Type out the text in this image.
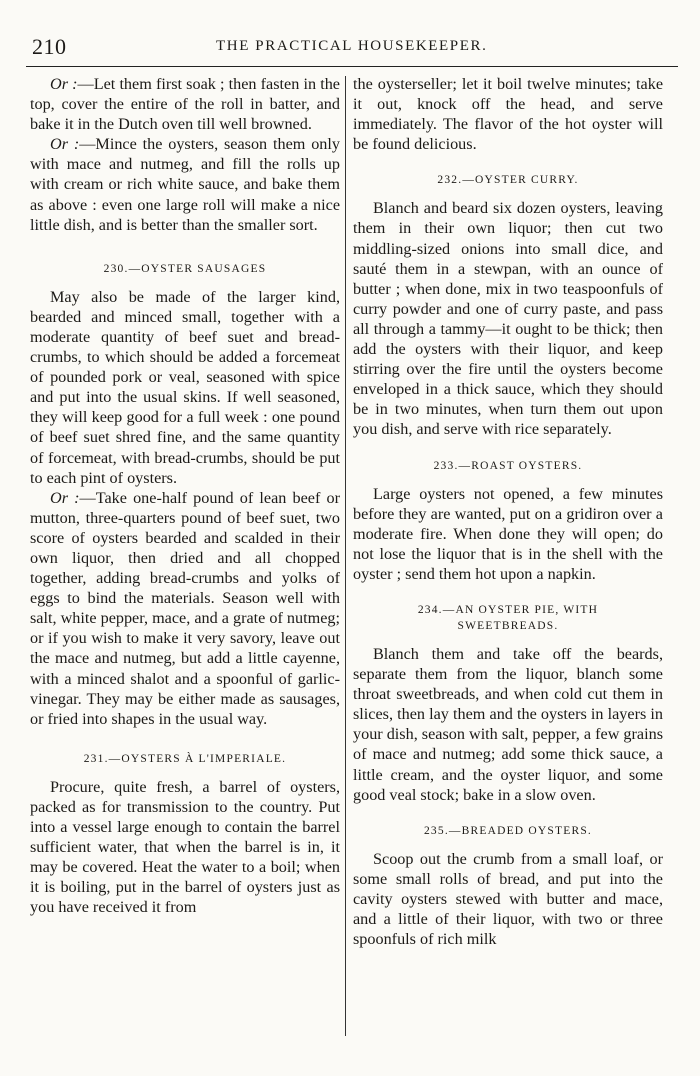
210	THE PRACTICAL HOUSEKEEPER.

Or :—Let them first soak ; then fasten in the top, cover the entire of the roll in batter, and bake it in the Dutch oven till well browned.

Or :—Mince the oysters, season them only with mace and nutmeg, and fill the rolls up with cream or rich white sauce, and bake them as above : even one large roll will make a nice little dish, and is better than the smaller sort.

230.—OYSTER SAUSAGES

May also be made of the larger kind, bearded and minced small, together with a moderate quantity of beef suet and bread-crumbs, to which should be added a forcemeat of pounded pork or veal, seasoned with spice and put into the usual skins. If well seasoned, they will keep good for a full week : one pound of beef suet shred fine, and the same quantity of forcemeat, with bread-crumbs, should be put to each pint of oysters.

Or :—Take one-half pound of lean beef or mutton, three-quarters pound of beef suet, two score of oysters bearded and scalded in their own liquor, then dried and all chopped together, adding bread-crumbs and yolks of eggs to bind the materials. Season well with salt, white pepper, mace, and a grate of nutmeg; or if you wish to make it very savory, leave out the mace and nutmeg, but add a little cayenne, with a minced shalot and a spoonful of garlic-vinegar. They may be either made as sausages, or fried into shapes in the usual way.

231.—OYSTERS À L'IMPERIALE.

Procure, quite fresh, a barrel of oysters, packed as for transmission to the country. Put into a vessel large enough to contain the barrel sufficient water, that when the barrel is in, it may be covered. Heat the water to a boil; when it is boiling, put in the barrel of oysters just as you have received it from

the oysterseller; let it boil twelve minutes; take it out, knock off the head, and serve immediately. The flavor of the hot oyster will be found delicious.

232.—OYSTER CURRY.

Blanch and beard six dozen oysters, leaving them in their own liquor; then cut two middling-sized onions into small dice, and sauté them in a stewpan, with an ounce of butter ; when done, mix in two teaspoonfuls of curry powder and one of curry paste, and pass all through a tammy—it ought to be thick; then add the oysters with their liquor, and keep stirring over the fire until the oysters become enveloped in a thick sauce, which they should be in two minutes, when turn them out upon you dish, and serve with rice separately.

233.—ROAST OYSTERS.

Large oysters not opened, a few minutes before they are wanted, put on a gridiron over a moderate fire. When done they will open; do not lose the liquor that is in the shell with the oyster ; send them hot upon a napkin.

234.—AN OYSTER PIE, WITH SWEETBREADS.

Blanch them and take off the beards, separate them from the liquor, blanch some throat sweetbreads, and when cold cut them in slices, then lay them and the oysters in layers in your dish, season with salt, pepper, a few grains of mace and nutmeg; add some thick sauce, a little cream, and the oyster liquor, and some good veal stock; bake in a slow oven.

235.—BREADED OYSTERS.

Scoop out the crumb from a small loaf, or some small rolls of bread, and put into the cavity oysters stewed with butter and mace, and a little of their liquor, with two or three spoonfuls of rich milk
